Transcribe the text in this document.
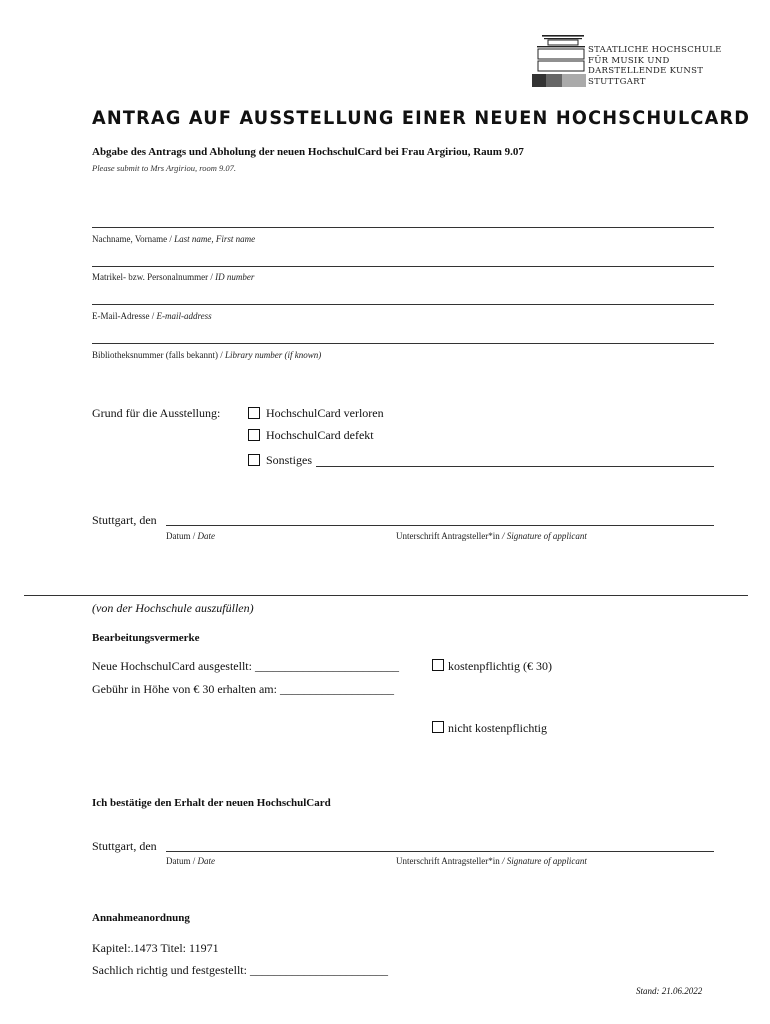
STAATLICHE HOCHSCHULE
FÜR MUSIK UND
DARSTELLENDE KUNST
STUTTGART
ANTRAG AUF AUSSTELLUNG EINER NEUEN HOCHSCHULCARD
Abgabe des Antrags und Abholung der neuen HochschulCard bei Frau Argiriou, Raum 9.07
Please submit to Mrs Argiriou, room 9.07.
Nachname, Vorname / Last name, First name
Matrikel- bzw. Personalnummer / ID number
E-Mail-Adresse / E-mail-address
Bibliotheksnummer (falls bekannt) / Library number (if known)
Grund für die Ausstellung:	HochschulCard verloren
HochschulCard defekt
Sonstiges
Stuttgart, den
Datum / Date	Unterschrift Antragsteller*in / Signature of applicant
(von der Hochschule auszufüllen)
Bearbeitungsvermerke
Neue HochschulCard ausgestellt: ________________________	kostenpflichtig (€ 30)
Gebühr in Höhe von € 30 erhalten am: ___________________
nicht kostenpflichtig
Ich bestätige den Erhalt der neuen HochschulCard
Stuttgart, den
Datum / Date	Unterschrift Antragsteller*in / Signature of applicant
Annahmeanordnung
Kapitel:.1473 Titel: 11971
Sachlich richtig und festgestellt: _______________________
Stand: 21.06.2022
